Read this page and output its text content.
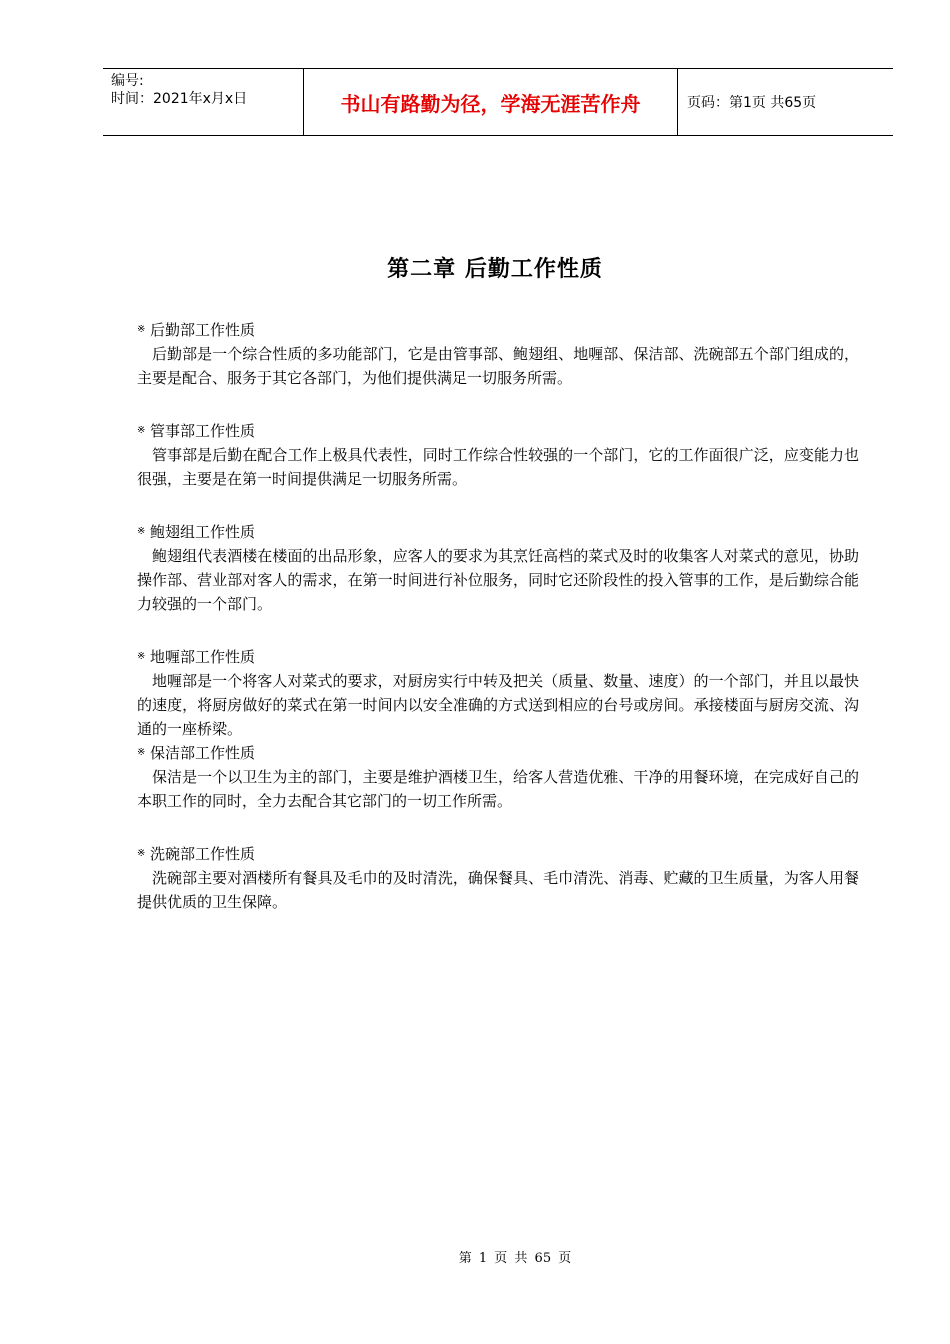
编号:
时间：2021年x月x日	书山有路勤为径，学海无涯苦作舟	页码：第1页 共65页
第二章 后勤工作性质
※ 后勤部工作性质

后勤部是一个综合性质的多功能部门，它是由管事部、鲍翅组、地喱部、保洁部、洗碗部五个部门组成的，主要是配合、服务于其它各部门，为他们提供满足一切服务所需。

※ 管事部工作性质

管事部是后勤在配合工作上极具代表性，同时工作综合性较强的一个部门，它的工作面很广泛，应变能力也很强，主要是在第一时间提供满足一切服务所需。

※ 鲍翅组工作性质

鲍翅组代表酒楼在楼面的出品形象，应客人的要求为其烹饪高档的菜式及时的收集客人对菜式的意见，协助操作部、营业部对客人的需求，在第一时间进行补位服务，同时它还阶段性的投入管事的工作，是后勤综合能力较强的一个部门。

※ 地喱部工作性质

地喱部是一个将客人对菜式的要求，对厨房实行中转及把关（质量、数量、速度）的一个部门，并且以最快的速度，将厨房做好的菜式在第一时间内以安全准确的方式送到相应的台号或房间。承接楼面与厨房交流、沟通的一座桥梁。

※ 保洁部工作性质

保洁是一个以卫生为主的部门，主要是维护酒楼卫生，给客人营造优雅、干净的用餐环境，在完成好自己的本职工作的同时，全力去配合其它部门的一切工作所需。

※ 洗碗部工作性质

洗碗部主要对酒楼所有餐具及毛巾的及时清洗，确保餐具、毛巾清洗、消毒、贮藏的卫生质量，为客人用餐提供优质的卫生保障。

第 1 页 共 65 页
